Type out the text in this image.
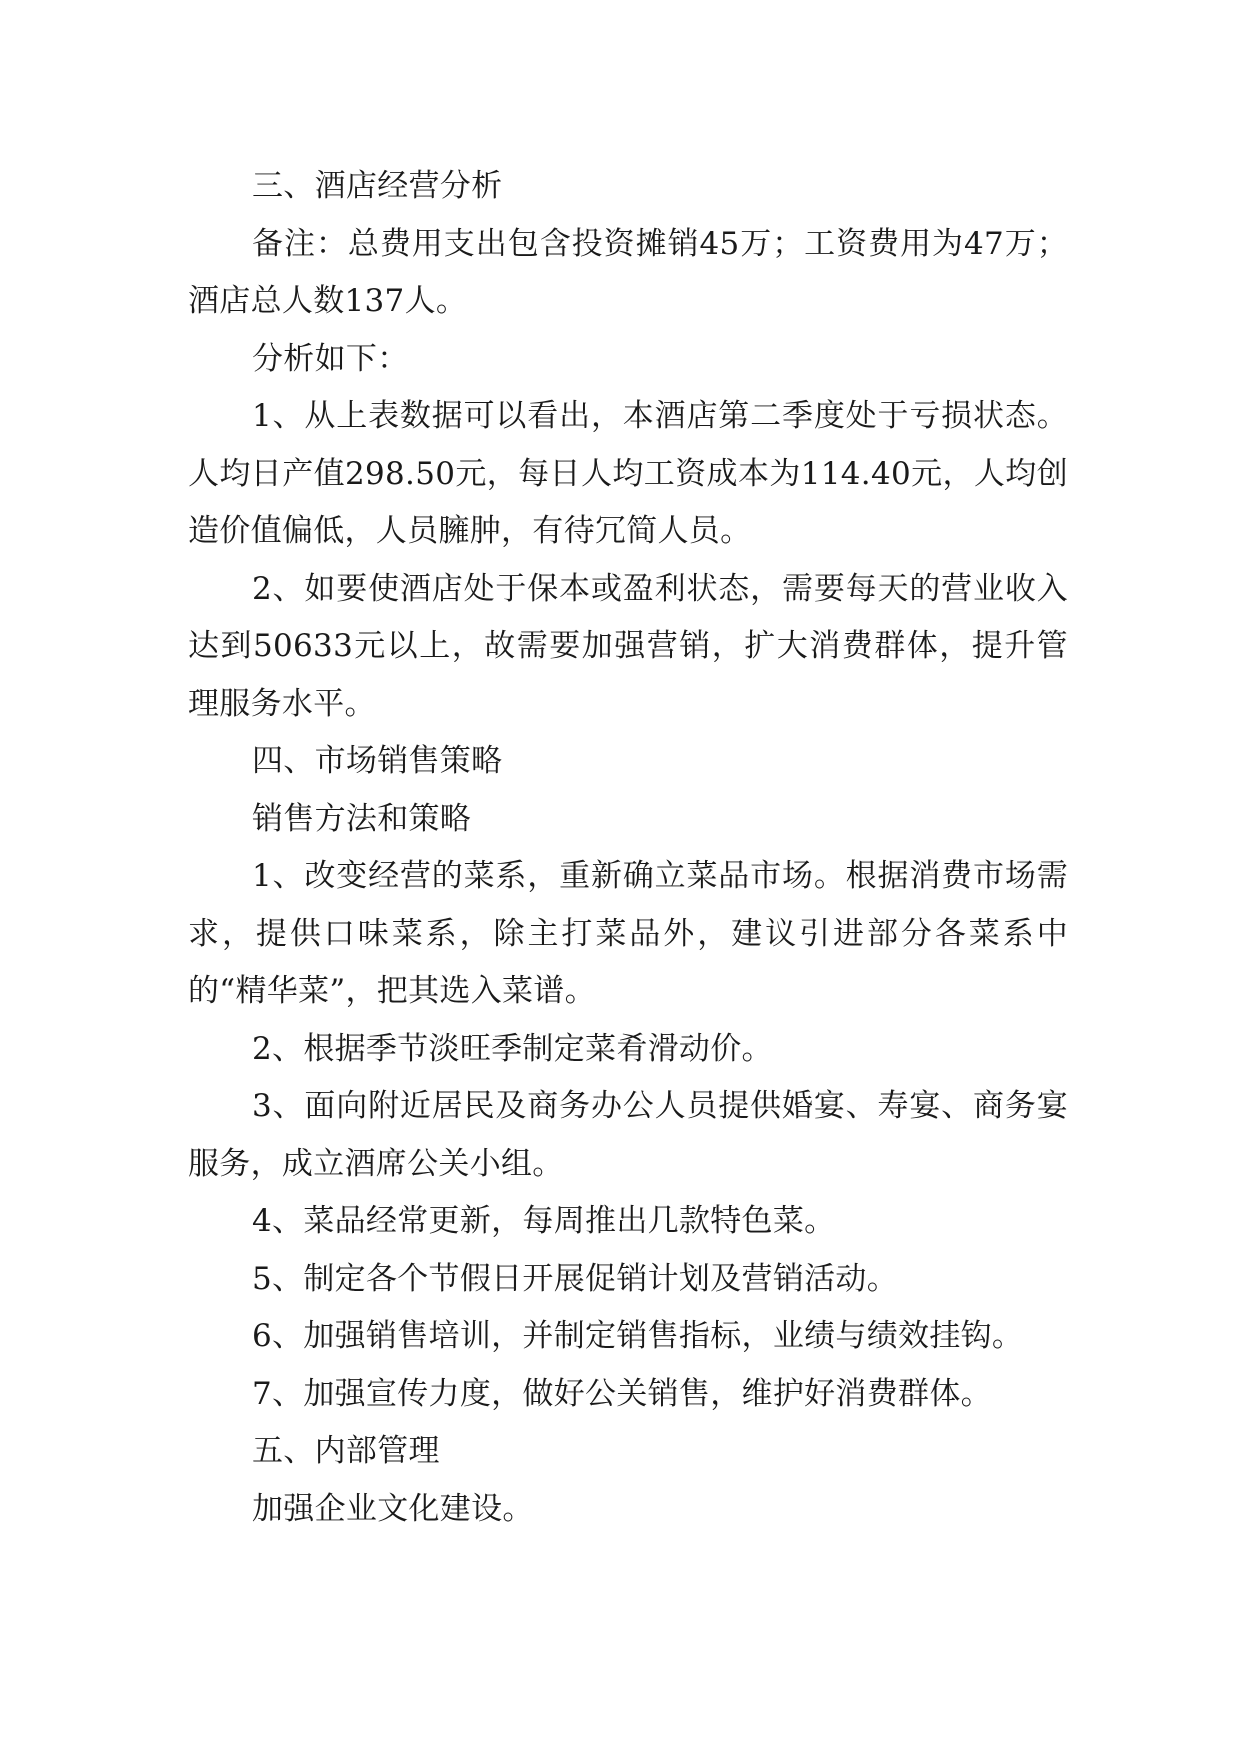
三、酒店经营分析

备注：总费用支出包含投资摊销45万；工资费用为47万；酒店总人数137人。

分析如下：

1、从上表数据可以看出，本酒店第二季度处于亏损状态。人均日产值298.50元，每日人均工资成本为114.40元，人均创造价值偏低，人员臃肿，有待冗简人员。

2、如要使酒店处于保本或盈利状态，需要每天的营业收入达到50633元以上，故需要加强营销，扩大消费群体，提升管理服务水平。

四、市场销售策略

销售方法和策略

1、改变经营的菜系，重新确立菜品市场。根据消费市场需求，提供口味菜系，除主打菜品外，建议引进部分各菜系中的“精华菜”，把其选入菜谱。

2、根据季节淡旺季制定菜肴滑动价。

3、面向附近居民及商务办公人员提供婚宴、寿宴、商务宴服务，成立酒席公关小组。

4、菜品经常更新，每周推出几款特色菜。

5、制定各个节假日开展促销计划及营销活动。

6、加强销售培训，并制定销售指标，业绩与绩效挂钩。

7、加强宣传力度，做好公关销售，维护好消费群体。

五、内部管理

加强企业文化建设。
